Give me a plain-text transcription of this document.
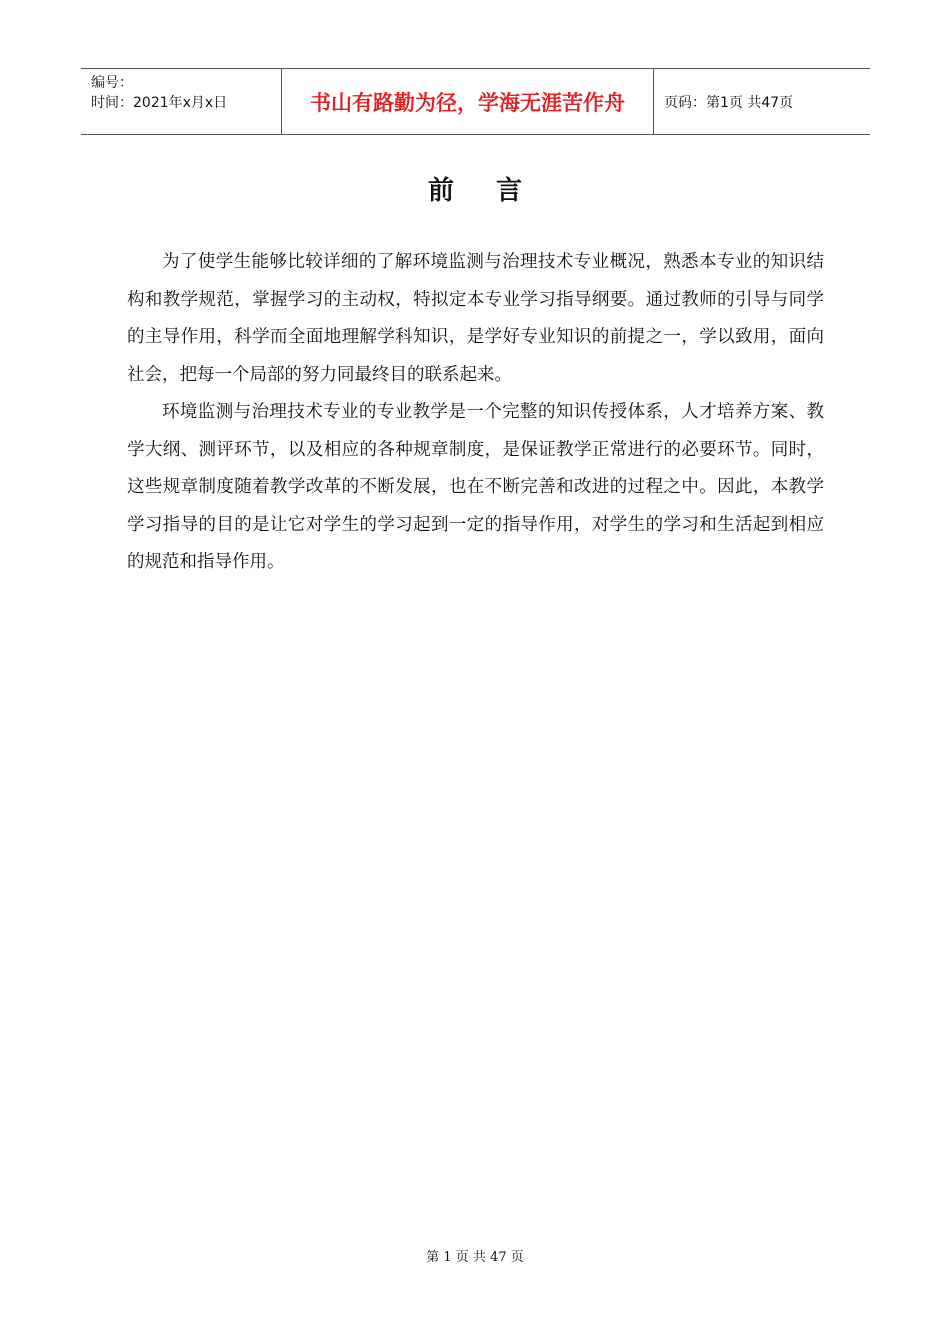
编号：
时间：2021年x月x日	书山有路勤为径，学海无涯苦作舟	页码：第1页 共47页
前言

为了使学生能够比较详细的了解环境监测与治理技术专业概况，熟悉本专业的知识结构和教学规范，掌握学习的主动权，特拟定本专业学习指导纲要。通过教师的引导与同学的主导作用，科学而全面地理解学科知识，是学好专业知识的前提之一，学以致用，面向社会，把每一个局部的努力同最终目的联系起来。

环境监测与治理技术专业的专业教学是一个完整的知识传授体系，人才培养方案、教学大纲、测评环节，以及相应的各种规章制度，是保证教学正常进行的必要环节。同时，这些规章制度随着教学改革的不断发展，也在不断完善和改进的过程之中。因此，本教学学习指导的目的是让它对学生的学习起到一定的指导作用，对学生的学习和生活起到相应的规范和指导作用。

第 1 页 共 47 页
